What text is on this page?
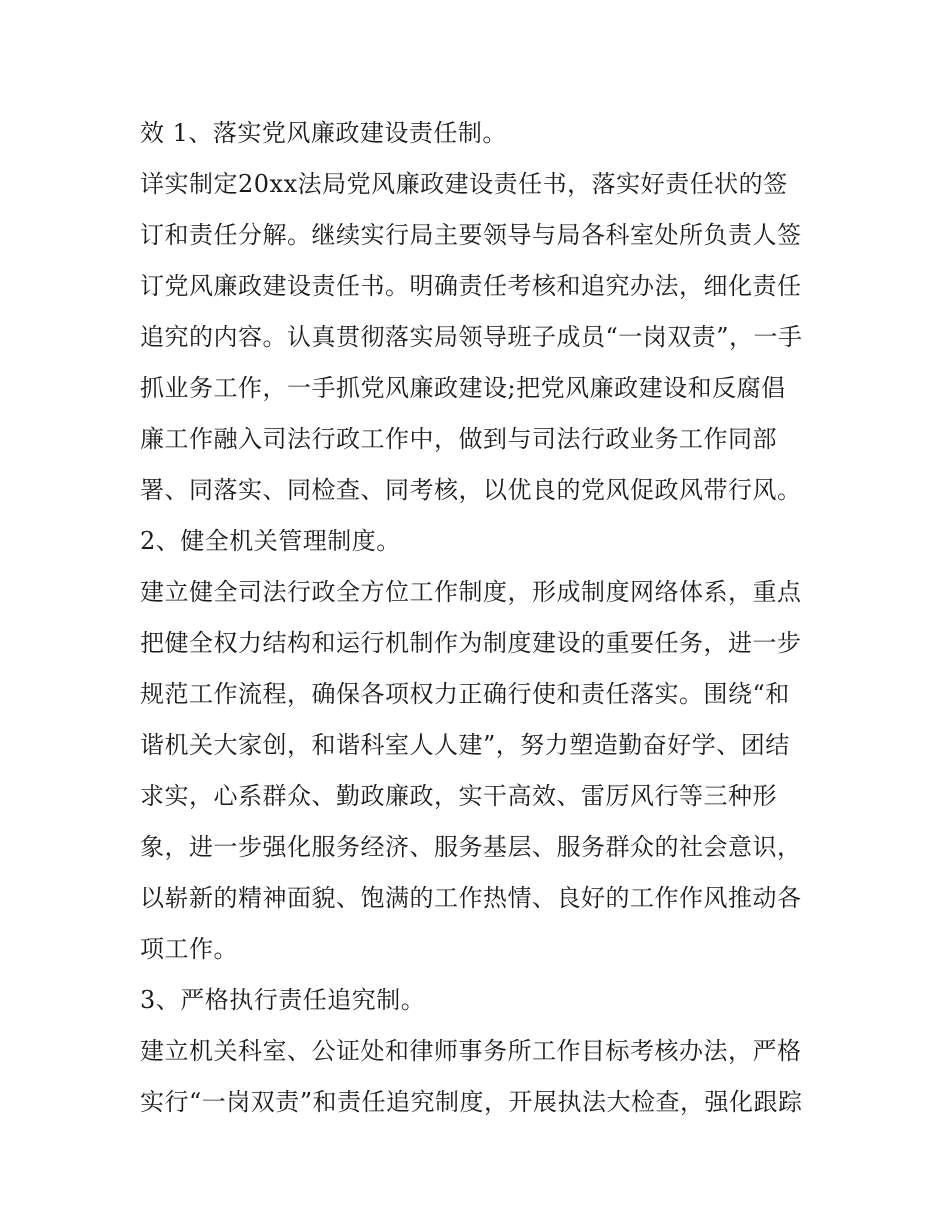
效 1、落实党风廉政建设责任制。
详实制定20xx法局党风廉政建设责任书，落实好责任状的签
订和责任分解。继续实行局主要领导与局各科室处所负责人签
订党风廉政建设责任书。明确责任考核和追究办法，细化责任
追究的内容。认真贯彻落实局领导班子成员“一岗双责”，一手
抓业务工作，一手抓党风廉政建设;把党风廉政建设和反腐倡
廉工作融入司法行政工作中，做到与司法行政业务工作同部
署、同落实、同检查、同考核，以优良的党风促政风带行风。
2、健全机关管理制度。
建立健全司法行政全方位工作制度，形成制度网络体系，重点
把健全权力结构和运行机制作为制度建设的重要任务，进一步
规范工作流程，确保各项权力正确行使和责任落实。围绕“和
谐机关大家创，和谐科室人人建”，努力塑造勤奋好学、团结
求实，心系群众、勤政廉政，实干高效、雷厉风行等三种形
象，进一步强化服务经济、服务基层、服务群众的社会意识，
以崭新的精神面貌、饱满的工作热情、良好的工作作风推动各
项工作。
3、严格执行责任追究制。
建立机关科室、公证处和律师事务所工作目标考核办法，严格
实行“一岗双责”和责任追究制度，开展执法大检查，强化跟踪
